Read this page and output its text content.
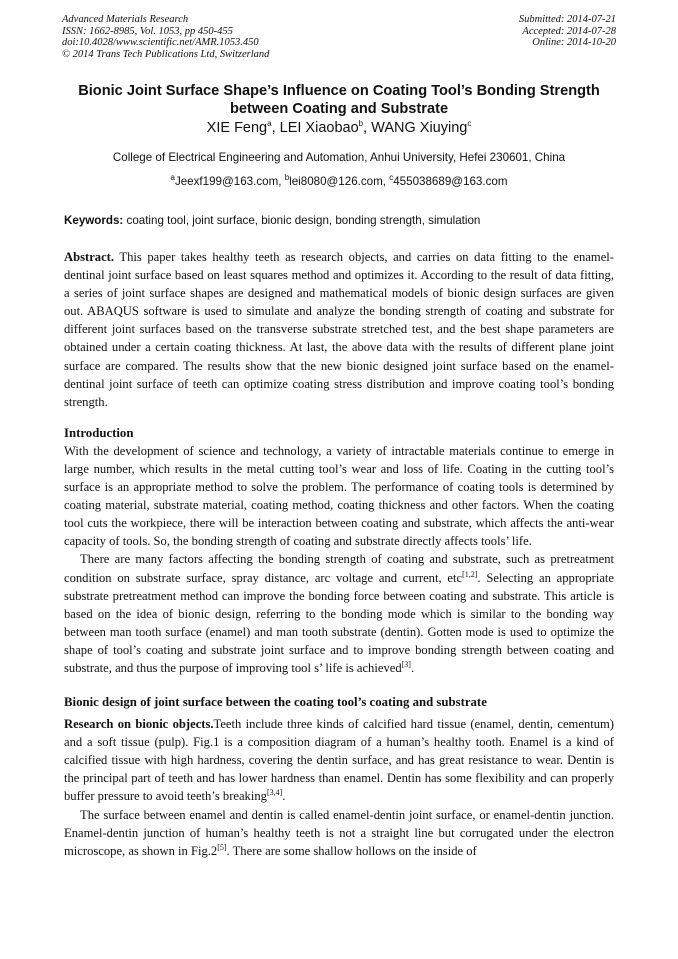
Advanced Materials Research
ISSN: 1662-8985, Vol. 1053, pp 450-455
doi:10.4028/www.scientific.net/AMR.1053.450
© 2014 Trans Tech Publications Ltd, Switzerland
Submitted: 2014-07-21
Accepted: 2014-07-28
Online: 2014-10-20
Bionic Joint Surface Shape’s Influence on Coating Tool’s Bonding Strength between Coating and Substrate
XIE Feng$^a$, LEI Xiaobao$^b$, WANG Xiuying$^c$
College of Electrical Engineering and Automation, Anhui University, Hefei 230601, China
$^a$Jeexf199@163.com, $^b$lei8080@126.com, $^c$455038689@163.com
Keywords: coating tool, joint surface, bionic design, bonding strength, simulation

Abstract. This paper takes healthy teeth as research objects, and carries on data fitting to the enamel-dentinal joint surface based on least squares method and optimizes it. According to the result of data fitting, a series of joint surface shapes are designed and mathematical models of bionic design surfaces are given out. ABAQUS software is used to simulate and analyze the bonding strength of coating and substrate for different joint surfaces based on the transverse substrate stretched test, and the best shape parameters are obtained under a certain coating thickness. At last, the above data with the results of different plane joint surface are compared. The results show that the new bionic designed joint surface based on the enamel-dentinal joint surface of teeth can optimize coating stress distribution and improve coating tool’s bonding strength.

Introduction

With the development of science and technology, a variety of intractable materials continue to emerge in large number, which results in the metal cutting tool’s wear and loss of life. Coating in the cutting tool’s surface is an appropriate method to solve the problem. The performance of coating tools is determined by coating material, substrate material, coating method, coating thickness and other factors. When the coating tool cuts the workpiece, there will be interaction between coating and substrate, which affects the anti-wear capacity of tools. So, the bonding strength of coating and substrate directly affects tools’ life.

There are many factors affecting the bonding strength of coating and substrate, such as pretreatment condition on substrate surface, spray distance, arc voltage and current, etc[1,2]. Selecting an appropriate substrate pretreatment method can improve the bonding force between coating and substrate. This article is based on the idea of bionic design, referring to the bonding mode which is similar to the bonding way between man tooth surface (enamel) and man tooth substrate (dentin). Gotten mode is used to optimize the shape of tool’s coating and substrate joint surface and to improve bonding strength between coating and substrate, and thus the purpose of improving tool s’ life is achieved[3].

Bionic design of joint surface between the coating tool’s coating and substrate

Research on bionic objects.Teeth include three kinds of calcified hard tissue (enamel, dentin, cementum) and a soft tissue (pulp). Fig.1 is a composition diagram of a human’s healthy tooth. Enamel is a kind of calcified tissue with high hardness, covering the dentin surface, and has great resistance to wear. Dentin is the principal part of teeth and has lower hardness than enamel. Dentin has some flexibility and can properly buffer pressure to avoid teeth’s breaking[3,4].

The surface between enamel and dentin is called enamel-dentin joint surface, or enamel-dentin junction. Enamel-dentin junction of human’s healthy teeth is not a straight line but corrugated under the electron microscope, as shown in Fig.2[5]. There are some shallow hollows on the inside of
